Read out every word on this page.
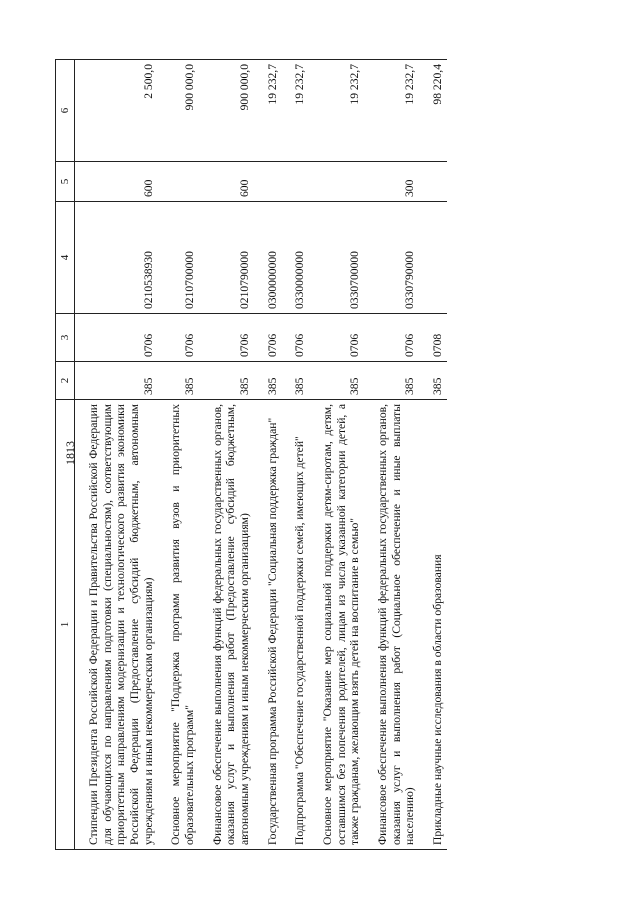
1813
1	2	3	4	5	6

Стипендии Президента Российской Федерации и Правительства Российской Федерации для обучающихся по направлениям подготовки (специальностям), соответствующим приоритетным направлениям модернизации и технологического развития экономики Российской Федерации (Предоставление субсидий бюджетным, автономным учреждениям и иным некоммерческим организациям)	385	0706	0210538930	600	2 500,0

Основное мероприятие "Поддержка программ развития вузов и приоритетных образовательных программ"	385	0706	0210700000		900 000,0

Финансовое обеспечение выполнения функций федеральных государственных органов, оказания услуг и выполнения работ (Предоставление субсидий бюджетным, автономным учреждениям и иным некоммерческим организациям)	385	0706	0210790000	600	900 000,0

Государственная программа Российской Федерации "Социальная поддержка граждан"	385	0706	0300000000		19 232,7

Подпрограмма "Обеспечение государственной поддержки семей, имеющих детей"	385	0706	0330000000		19 232,7

Основное мероприятие "Оказание мер социальной поддержки детям-сиротам, детям, оставшимся без попечения родителей, лицам из числа указанной категории детей, а также гражданам, желающим взять детей на воспитание в семью"	385	0706	0330700000		19 232,7

Финансовое обеспечение выполнения функций федеральных государственных органов, оказания услуг и выполнения работ (Социальное обеспечение и иные выплаты населению)	385	0706	0330790000	300	19 232,7

Прикладные научные исследования в области образования	385	0708			98 220,4
